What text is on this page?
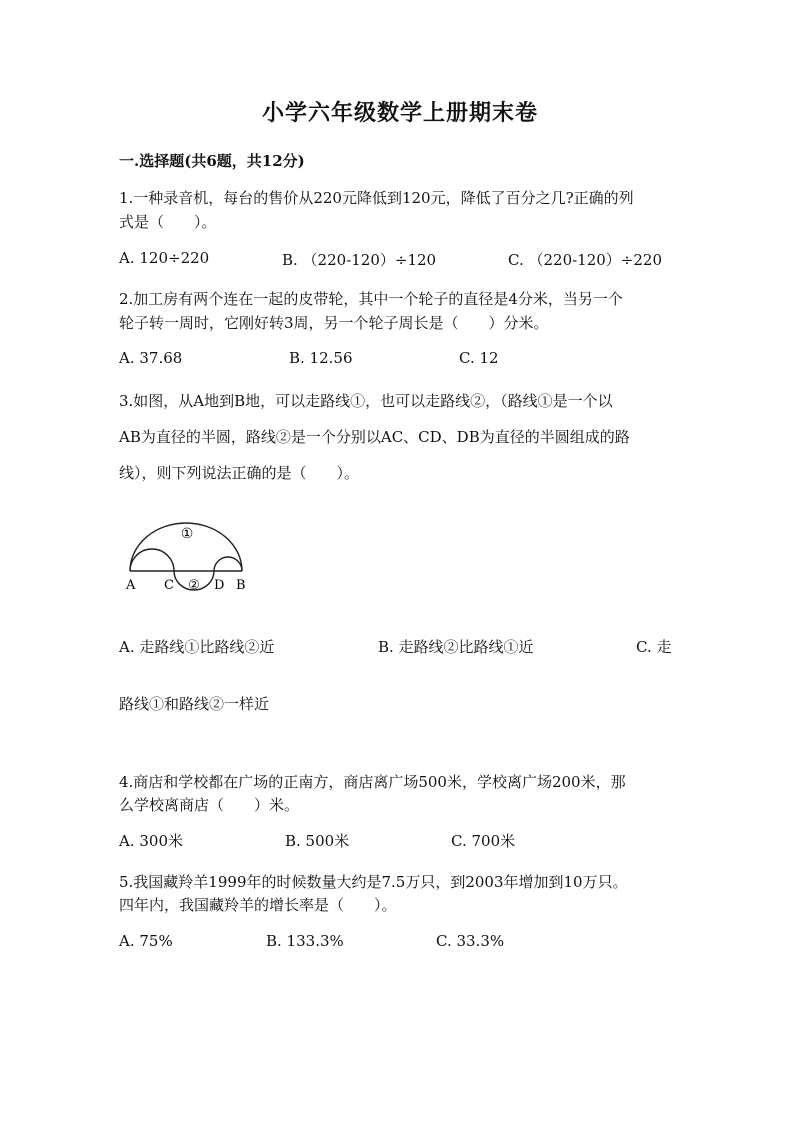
小学六年级数学上册期末卷
一.选择题(共6题，共12分)
1.一种录音机，每台的售价从220元降低到120元，降低了百分之几?正确的列
式是（　　）。
A. 120÷220	B. （220-120）÷120	C. （220-120）÷220
2.加工房有两个连在一起的皮带轮，其中一个轮子的直径是4分米，当另一个
轮子转一周时，它刚好转3周，另一个轮子周长是（　　）分米。
A. 37.68	B. 12.56	C. 12
3.如图，从A地到B地，可以走路线①，也可以走路线②，（路线①是一个以
AB为直径的半圆，路线②是一个分别以AC、CD、DB为直径的半圆组成的路
线），则下列说法正确的是（　　）。
①
②
A C	D B
A. 走路线①比路线②近	B. 走路线②比路线①近	C. 走
路线①和路线②一样近
4.商店和学校都在广场的正南方，商店离广场500米，学校离广场200米，那
么学校离商店（　　）米。
A. 300米	B. 500米	C. 700米
5.我国藏羚羊1999年的时候数量大约是7.5万只，到2003年增加到10万只。
四年内，我国藏羚羊的增长率是（　　）。
A. 75%	B. 133.3%	C. 33.3%
